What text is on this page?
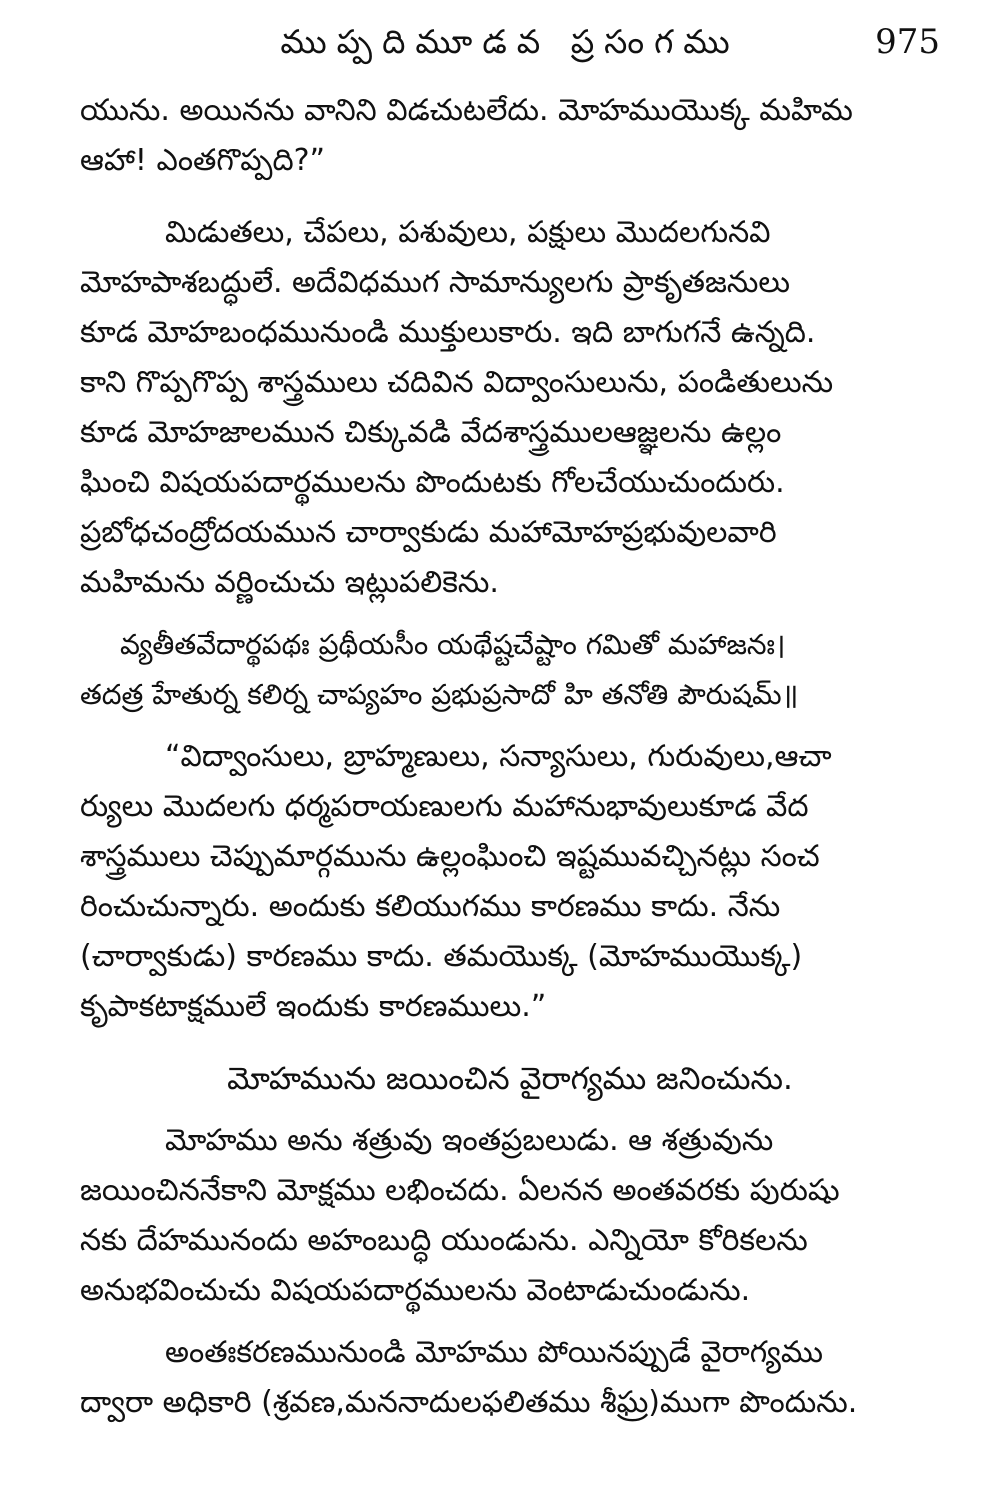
ముప్పదిమూడవ ప్రసంగము	975
యును. అయినను వానిని విడచుటలేదు. మోహముయొక్క మహిమ
ఆహా! ఎంతగొప్పది?”
మిడుతలు, చేపలు, పశువులు, పక్షులు మొదలగునవి
మోహపాశబద్ధులే. అదేవిధముగ సామాన్యులగు ప్రాకృతజనులు
కూడ మోహబంధమునుండి ముక్తులుకారు. ఇది బాగుగనే ఉన్నది.
కాని గొప్పగొప్ప శాస్త్రములు చదివిన విద్వాంసులును, పండితులును
కూడ మోహజాలమున చిక్కువడి వేదశాస్త్రములఆజ్ఞలను ఉల్లం
ఘించి విషయపదార్థములను పొందుటకు గోలచేయుచుందురు.
ప్రబోధచంద్రోదయమున చార్వాకుడు మహామోహప్రభువులవారి
మహిమను వర్ణించుచు ఇట్లుపలికెను.
వ్యతీతవేదార్థపథః ప్రథీయసీం యథేష్టచేష్టాం గమితో మహాజనః।
తదత్ర హేతుర్న కలిర్న చాప్యహం ప్రభుప్రసాదో హి తనోతి పౌరుషమ్॥
“విద్వాంసులు, బ్రాహ్మణులు, సన్యాసులు, గురువులు,ఆచా
ర్యులు మొదలగు ధర్మపరాయణులగు మహానుభావులుకూడ వేద
శాస్త్రములు చెప్పుమార్గమును ఉల్లంఘించి ఇష్టమువచ్చినట్లు సంచ
రించుచున్నారు. అందుకు కలియుగము కారణము కాదు. నేను
(చార్వాకుడు) కారణము కాదు. తమయొక్క (మోహముయొక్క)
కృపాకటాక్షములే ఇందుకు కారణములు.”
మోహమును జయించిన వైరాగ్యము జనించును.
మోహము అను శత్రువు ఇంతప్రబలుడు. ఆ శత్రువును
జయించిననేకాని మోక్షము లభించదు. ఏలనన అంతవరకు పురుషు
నకు దేహమునందు అహంబుద్ధి యుండును. ఎన్నియో కోరికలను
అనుభవించుచు విషయపదార్థములను వెంటాడుచుండును.
అంతఃకరణమునుండి మోహము పోయినప్పుడే వైరాగ్యము
ద్వారా అధికారి (శ్రవణ,మననాదులఫలితము శీఘ్ర)ముగా పొందును.
